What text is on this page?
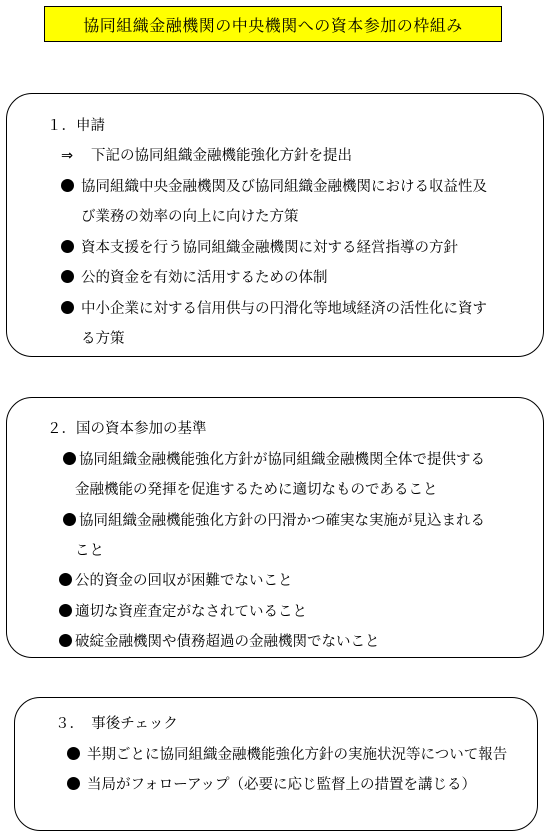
協同組織金融機関の中央機関への資本参加の枠組み
１．申請
⇒ 下記の協同組織金融機能強化方針を提出
協同組織中央金融機関及び協同組織金融機関における収益性及
び業務の効率の向上に向けた方策
資本支援を行う協同組織金融機関に対する経営指導の方針
公的資金を有効に活用するための体制
中小企業に対する信用供与の円滑化等地域経済の活性化に資す
る方策
２．国の資本参加の基準
協同組織金融機能強化方針が協同組織金融機関全体で提供する
金融機能の発揮を促進するために適切なものであること
協同組織金融機能強化方針の円滑かつ確実な実施が見込まれる
こと
公的資金の回収が困難でないこと
適切な資産査定がなされていること
破綻金融機関や債務超過の金融機関でないこと
３．　事後チェック
半期ごとに協同組織金融機能強化方針の実施状況等について報告
当局がフォローアップ（必要に応じ監督上の措置を講じる）
